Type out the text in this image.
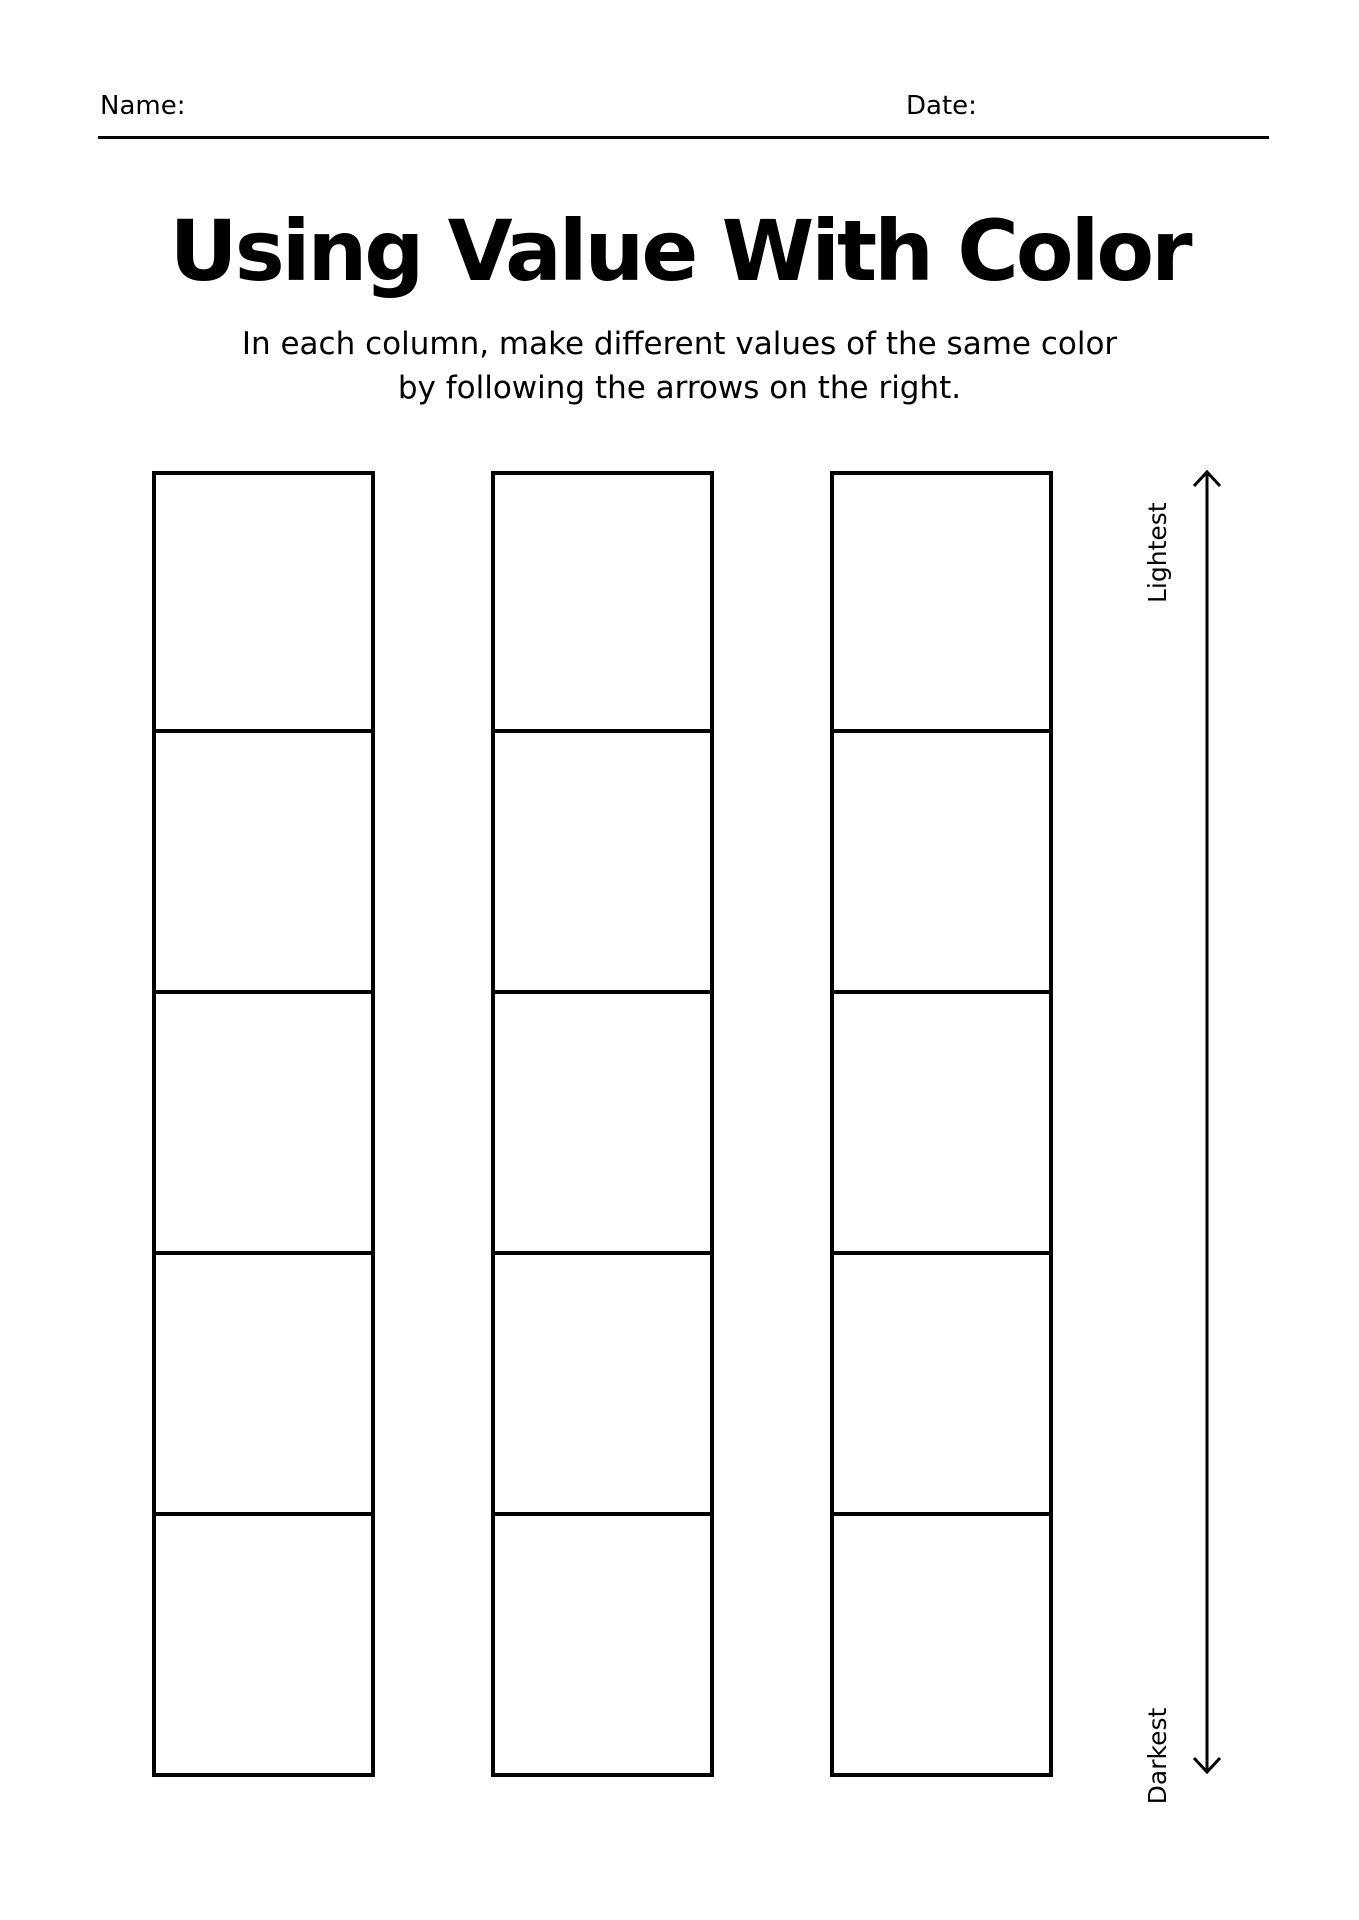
Name:	Date:
Using Value With Color
In each column, make different values of the same color
by following the arrows on the right.
Lightest
Darkest
